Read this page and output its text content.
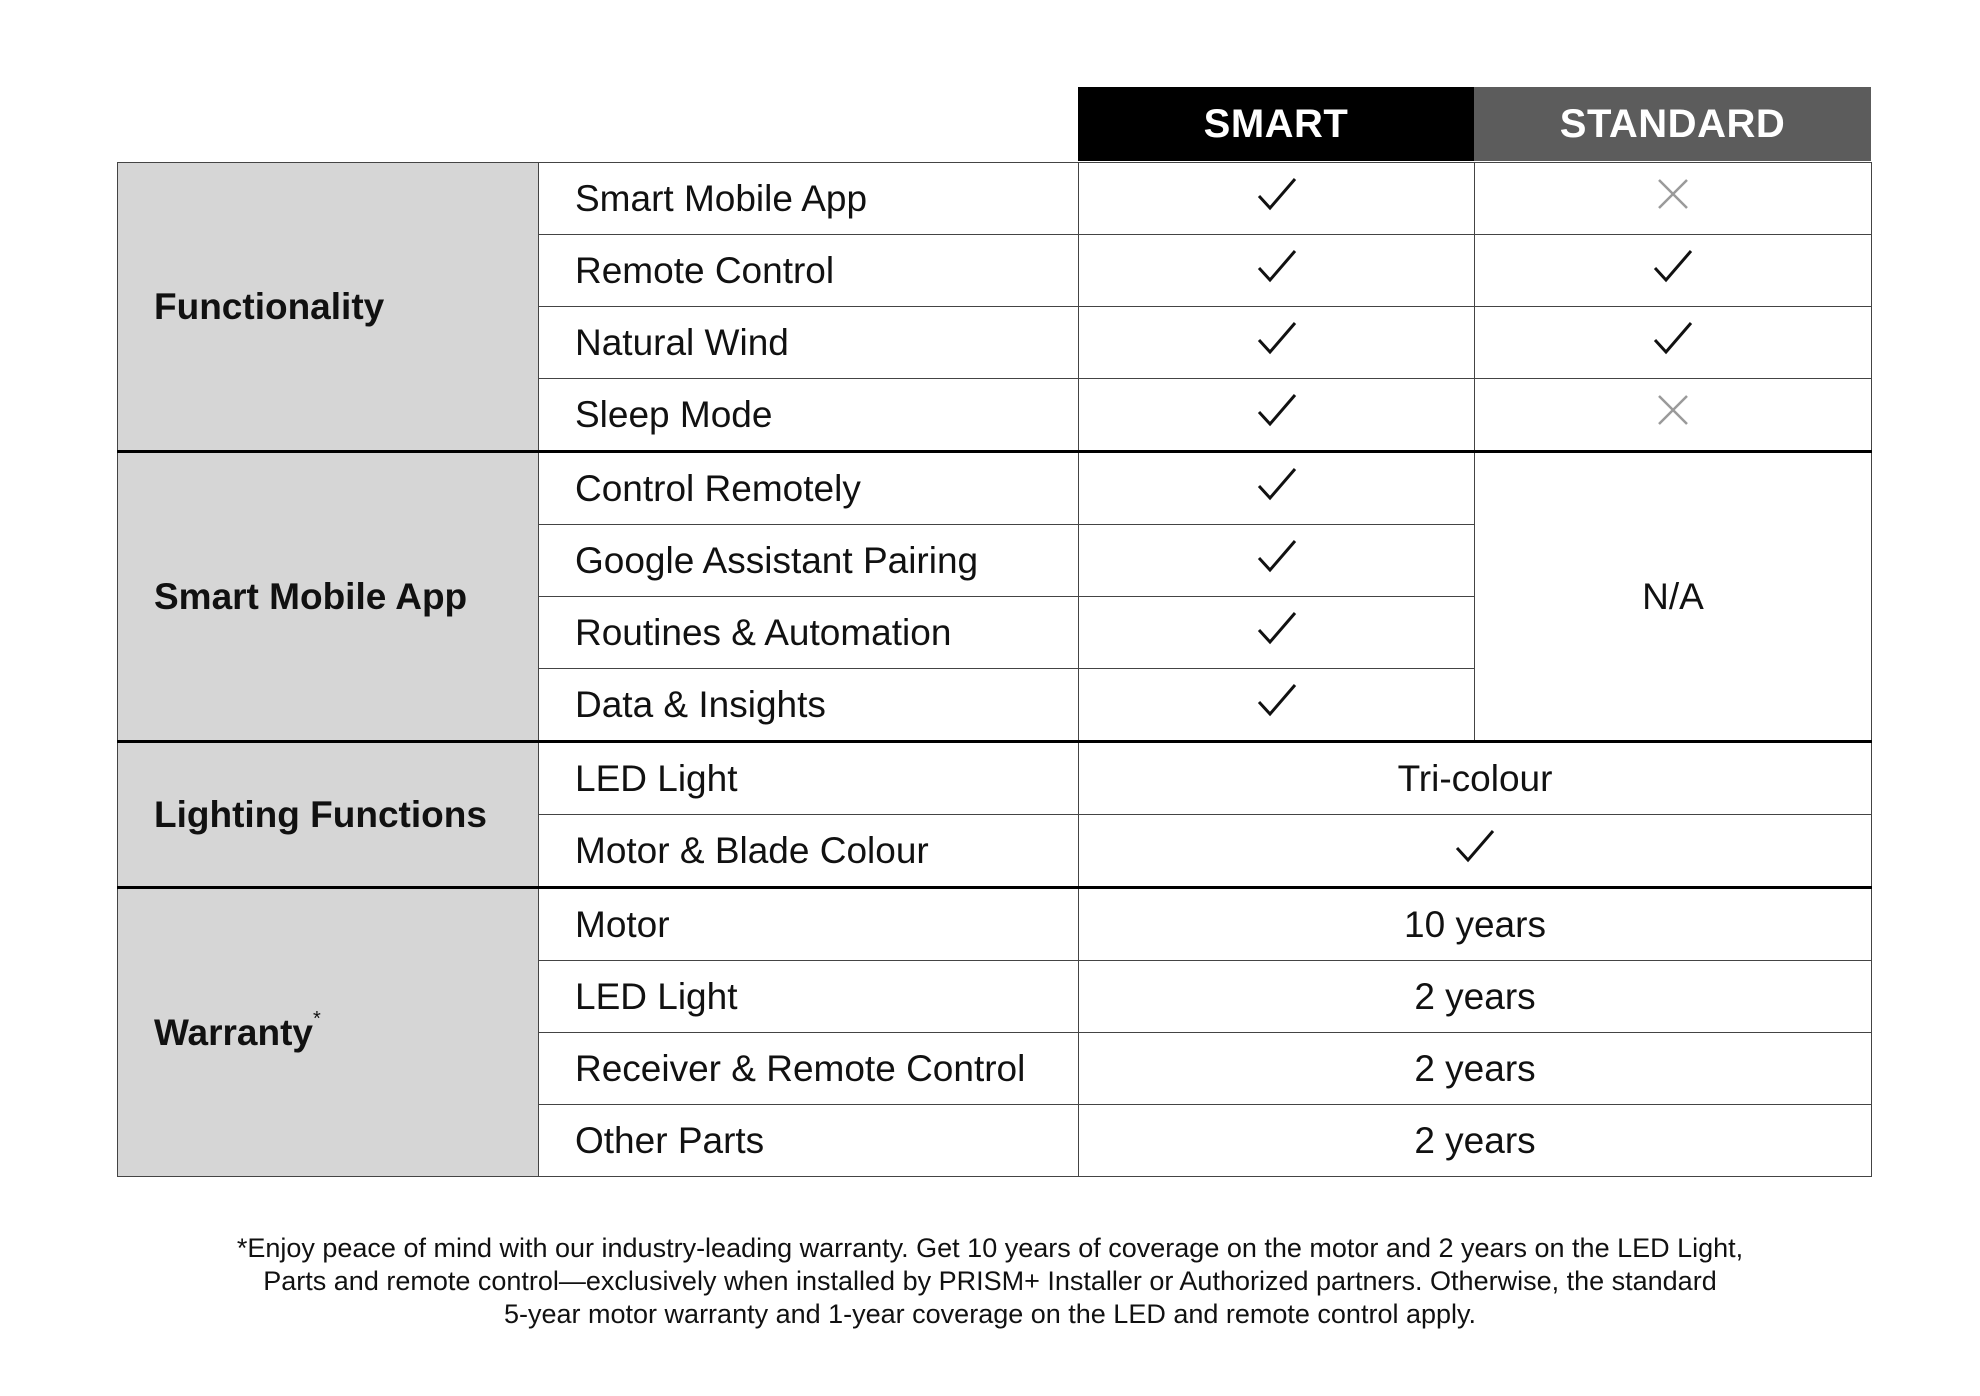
SMART	STANDARD
Functionality	Smart Mobile App		
	Remote Control		
	Natural Wind		
	Sleep Mode		
Smart Mobile App	Control Remotely		N/A
	Google Assistant Pairing	
	Routines & Automation	
	Data & Insights	
Lighting Functions	LED Light	Tri-colour	
	Motor & Blade Colour	
Warranty*	Motor	10 years	
	LED Light	2 years	
	Receiver & Remote Control	2 years	
	Other Parts	2 years	
*Enjoy peace of mind with our industry-leading warranty. Get 10 years of coverage on the motor and 2 years on the LED Light,
Parts and remote control—exclusively when installed by PRISM+ Installer or Authorized partners. Otherwise, the standard
5-year motor warranty and 1-year coverage on the LED and remote control apply.
